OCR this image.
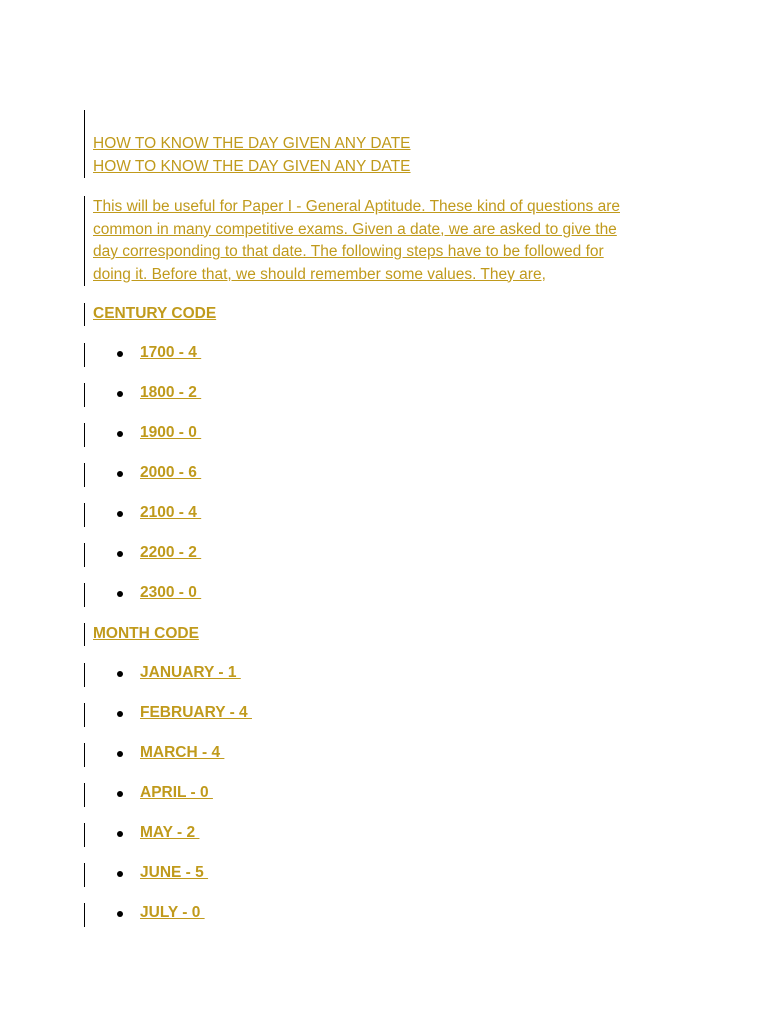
HOW TO KNOW THE DAY GIVEN ANY DATE
HOW TO KNOW THE DAY GIVEN ANY DATE
This will be useful for Paper I - General Aptitude. These kind of questions are
common in many competitive exams. Given a date, we are asked to give the
day corresponding to that date. The following steps have to be followed for
doing it. Before that, we should remember some values. They are,
CENTURY CODE
1700 - 4
1800 - 2
1900 - 0
2000 - 6
2100 - 4
2200 - 2
2300 - 0
MONTH CODE
JANUARY - 1
FEBRUARY - 4
MARCH - 4
APRIL - 0
MAY - 2
JUNE - 5
JULY - 0
